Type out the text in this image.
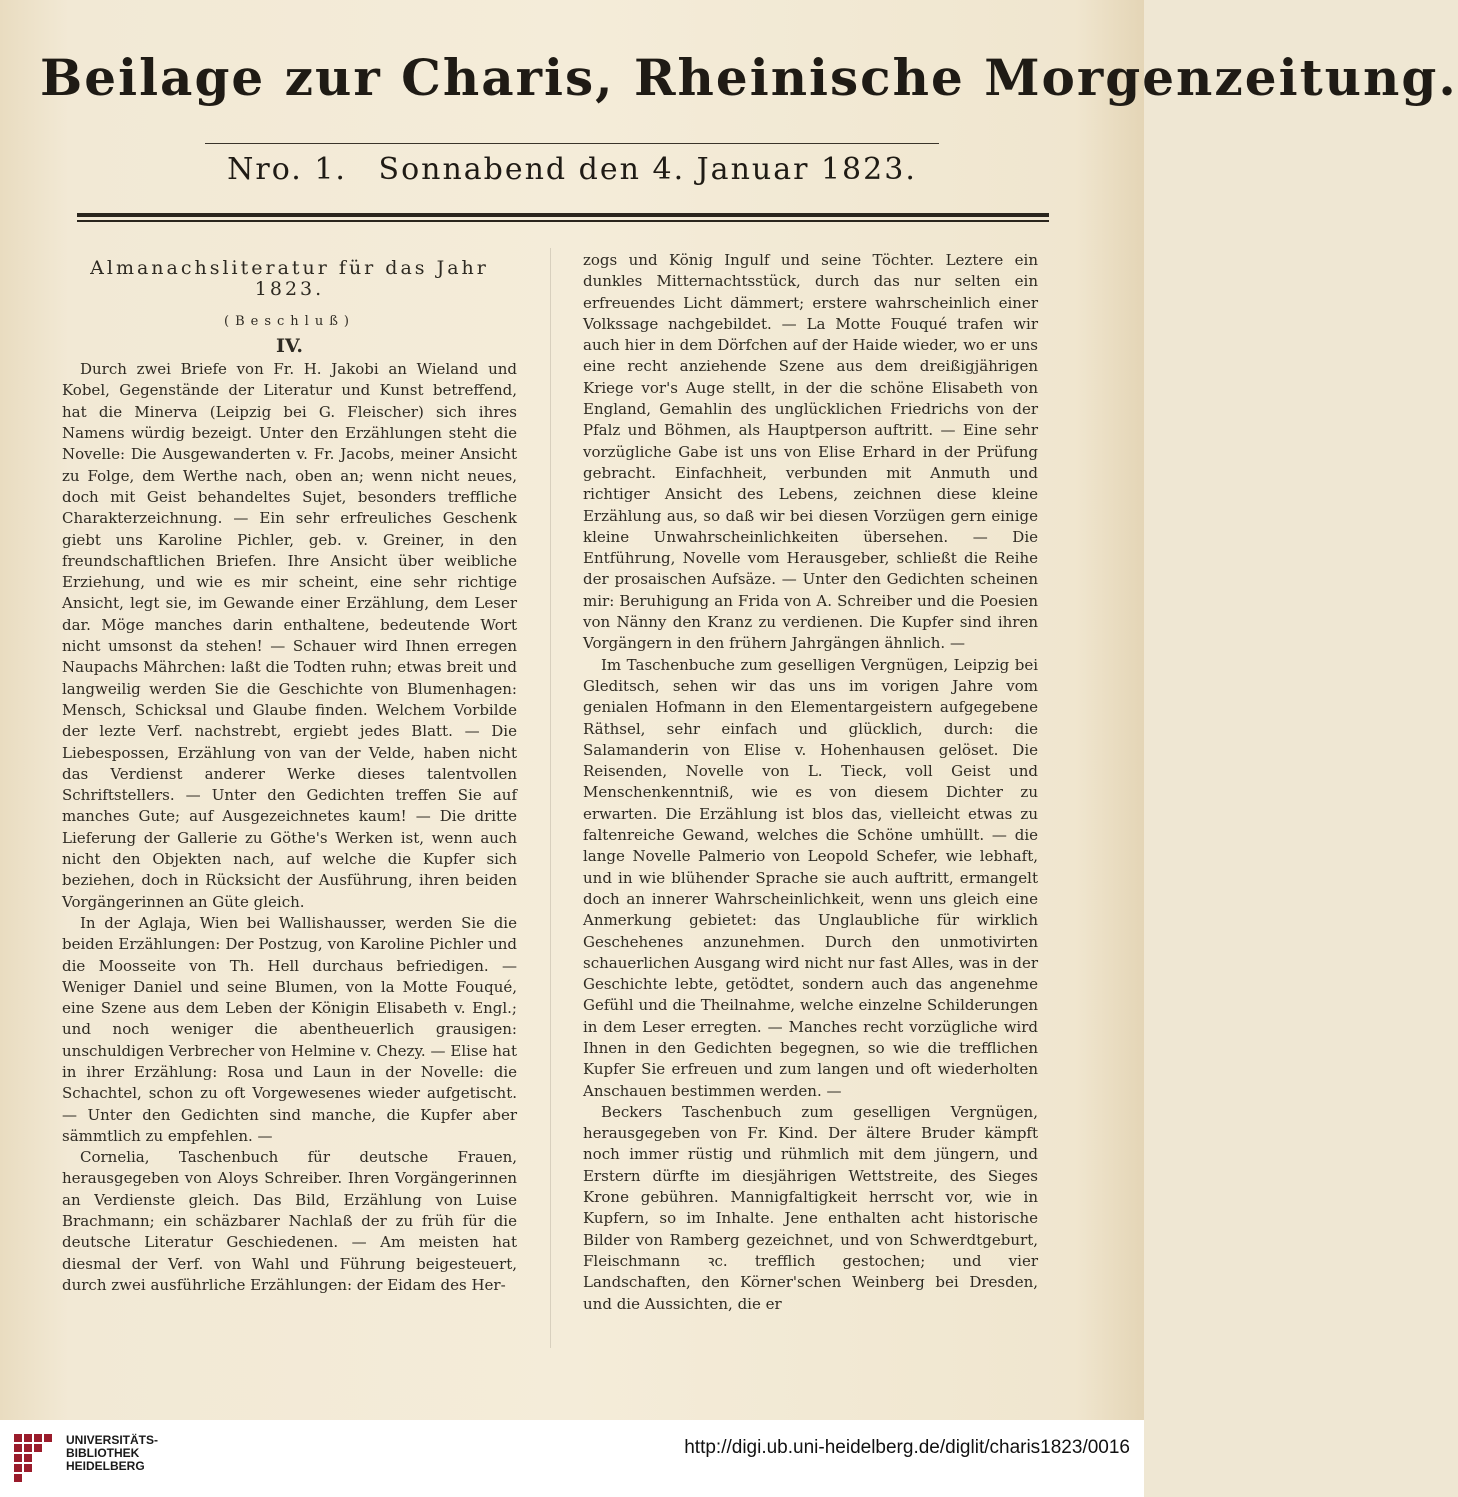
Beilage zur Charis, Rheinische Morgenzeitung.
Nro. 1. Sonnabend den 4. Januar 1823.
Almanachsliteratur für das Jahr 1823.
(Beschluß)
IV.

Durch zwei Briefe von Fr. H. Jakobi an Wieland und Kobel, Gegenstände der Literatur und Kunst betreffend, hat die Minerva (Leipzig bei G. Fleischer) sich ihres Namens würdig bezeigt. Unter den Erzählungen steht die Novelle: Die Ausgewanderten v. Fr. Jacobs, meiner Ansicht zu Folge, dem Werthe nach, oben an; wenn nicht neues, doch mit Geist behandeltes Sujet, besonders treffliche Charakterzeichnung. — Ein sehr erfreuliches Geschenk giebt uns Karoline Pichler, geb. v. Greiner, in den freundschaftlichen Briefen. Ihre Ansicht über weibliche Erziehung, und wie es mir scheint, eine sehr richtige Ansicht, legt sie, im Gewande einer Erzählung, dem Leser dar. Möge manches darin enthaltene, bedeutende Wort nicht umsonst da stehen! — Schauer wird Ihnen erregen Naupachs Mährchen: laßt die Todten ruhn; etwas breit und langweilig werden Sie die Geschichte von Blumenhagen: Mensch, Schicksal und Glaube finden. Welchem Vorbilde der lezte Verf. nachstrebt, ergiebt jedes Blatt. — Die Liebespossen, Erzählung von van der Velde, haben nicht das Verdienst anderer Werke dieses talentvollen Schriftstellers. — Unter den Gedichten treffen Sie auf manches Gute; auf Ausgezeichnetes kaum! — Die dritte Lieferung der Gallerie zu Göthe's Werken ist, wenn auch nicht den Objekten nach, auf welche die Kupfer sich beziehen, doch in Rücksicht der Ausführung, ihren beiden Vorgängerinnen an Güte gleich.

In der Aglaja, Wien bei Wallishausser, werden Sie die beiden Erzählungen: Der Postzug, von Karoline Pichler und die Moosseite von Th. Hell durchaus befriedigen. — Weniger Daniel und seine Blumen, von la Motte Fouqué, eine Szene aus dem Leben der Königin Elisabeth v. Engl.; und noch weniger die abentheuerlich grausigen: unschuldigen Verbrecher von Helmine v. Chezy. — Elise hat in ihrer Erzählung: Rosa und Laun in der Novelle: die Schachtel, schon zu oft Vorgewesenes wieder aufgetischt. — Unter den Gedichten sind manche, die Kupfer aber sämmtlich zu empfehlen. —

Cornelia, Taschenbuch für deutsche Frauen, herausgegeben von Aloys Schreiber. Ihren Vorgängerinnen an Verdienste gleich. Das Bild, Erzählung von Luise Brachmann; ein schäzbarer Nachlaß der zu früh für die deutsche Literatur Geschiedenen. — Am meisten hat diesmal der Verf. von Wahl und Führung beigesteuert, durch zwei ausführliche Erzählungen: der Eidam des Her-

zogs und König Ingulf und seine Töchter. Leztere ein dunkles Mitternachtsstück, durch das nur selten ein erfreuendes Licht dämmert; erstere wahrscheinlich einer Volkssage nachgebildet. — La Motte Fouqué trafen wir auch hier in dem Dörfchen auf der Haide wieder, wo er uns eine recht anziehende Szene aus dem dreißigjährigen Kriege vor's Auge stellt, in der die schöne Elisabeth von England, Gemahlin des unglücklichen Friedrichs von der Pfalz und Böhmen, als Hauptperson auftritt. — Eine sehr vorzügliche Gabe ist uns von Elise Erhard in der Prüfung gebracht. Einfachheit, verbunden mit Anmuth und richtiger Ansicht des Lebens, zeichnen diese kleine Erzählung aus, so daß wir bei diesen Vorzügen gern einige kleine Unwahrscheinlichkeiten übersehen. — Die Entführung, Novelle vom Herausgeber, schließt die Reihe der prosaischen Aufsäze. — Unter den Gedichten scheinen mir: Beruhigung an Frida von A. Schreiber und die Poesien von Nänny den Kranz zu verdienen. Die Kupfer sind ihren Vorgängern in den frühern Jahrgängen ähnlich. —

Im Taschenbuche zum geselligen Vergnügen, Leipzig bei Gleditsch, sehen wir das uns im vorigen Jahre vom genialen Hofmann in den Elementargeistern aufgegebene Räthsel, sehr einfach und glücklich, durch: die Salamanderin von Elise v. Hohenhausen gelöset. Die Reisenden, Novelle von L. Tieck, voll Geist und Menschenkenntniß, wie es von diesem Dichter zu erwarten. Die Erzählung ist blos das, vielleicht etwas zu faltenreiche Gewand, welches die Schöne umhüllt. — die lange Novelle Palmerio von Leopold Schefer, wie lebhaft, und in wie blühender Sprache sie auch auftritt, ermangelt doch an innerer Wahrscheinlichkeit, wenn uns gleich eine Anmerkung gebietet: das Unglaubliche für wirklich Geschehenes anzunehmen. Durch den unmotivirten schauerlichen Ausgang wird nicht nur fast Alles, was in der Geschichte lebte, getödtet, sondern auch das angenehme Gefühl und die Theilnahme, welche einzelne Schilderungen in dem Leser erregten. — Manches recht vorzügliche wird Ihnen in den Gedichten begegnen, so wie die trefflichen Kupfer Sie erfreuen und zum langen und oft wiederholten Anschauen bestimmen werden. —

Beckers Taschenbuch zum geselligen Vergnügen, herausgegeben von Fr. Kind. Der ältere Bruder kämpft noch immer rüstig und rühmlich mit dem jüngern, und Erstern dürfte im diesjährigen Wettstreite, des Sieges Krone gebühren. Mannigfaltigkeit herrscht vor, wie in Kupfern, so im Inhalte. Jene enthalten acht historische Bilder von Ramberg gezeichnet, und von Schwerdtgeburt, Fleischmann ꝛc. trefflich gestochen; und vier Landschaften, den Körner'schen Weinberg bei Dresden, und die Aussichten, die er

UNIVERSITÄTS-
BIBLIOTHEK
HEIDELBERG
http://digi.ub.uni-heidelberg.de/diglit/charis1823/0016
